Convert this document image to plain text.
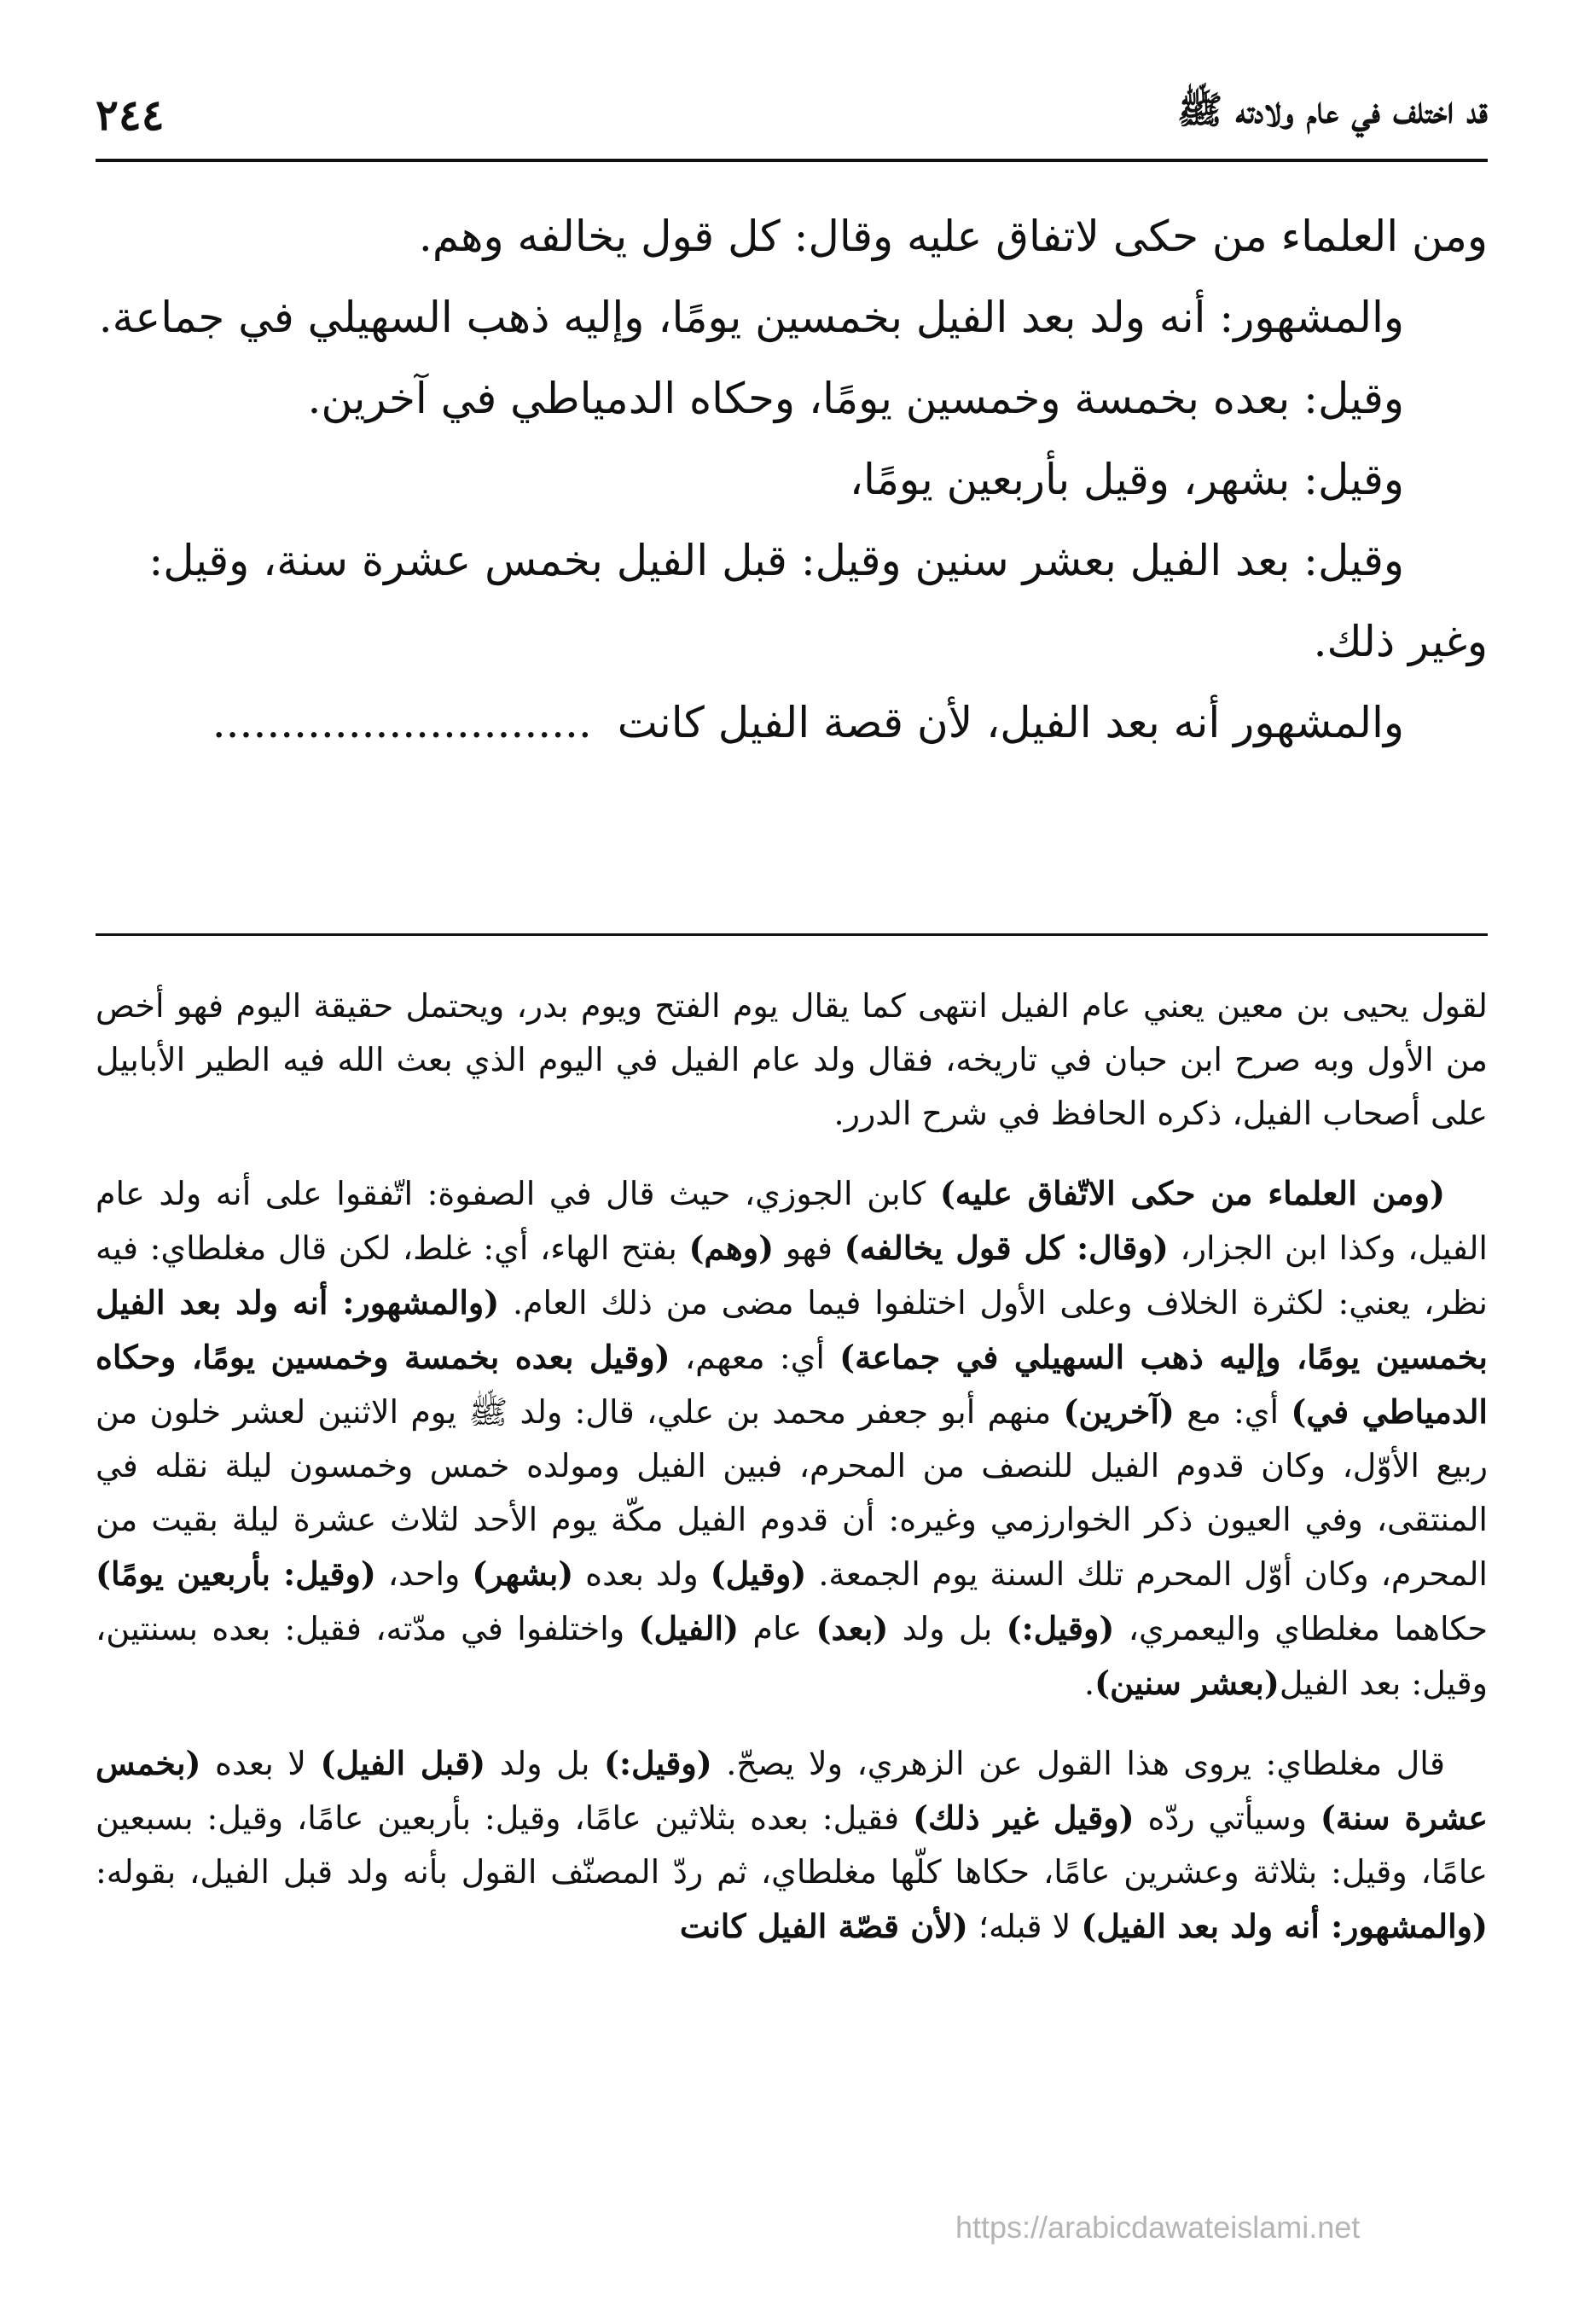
قد اختلف في عام ولادته ﷺ
٢٤٤

ومن العلماء من حكى لاتفاق عليه وقال: كل قول يخالفه وهم.

والمشهور: أنه ولد بعد الفيل بخمسين يومًا، وإليه ذهب السهيلي في جماعة.

وقيل: بعده بخمسة وخمسين يومًا، وحكاه الدمياطي في آخرين.

وقيل: بشهر، وقيل بأربعين يومًا،

وقيل: بعد الفيل بعشر سنين وقيل: قبل الفيل بخمس عشرة سنة، وقيل:

وغير ذلك.

والمشهور أنه بعد الفيل، لأن قصة الفيل كانت............................

لقول يحيى بن معين يعني عام الفيل انتهى كما يقال يوم الفتح ويوم بدر، ويحتمل حقيقة اليوم فهو أخص من الأول وبه صرح ابن حبان في تاريخه، فقال ولد عام الفيل في اليوم الذي بعث الله فيه الطير الأبابيل على أصحاب الفيل، ذكره الحافظ في شرح الدرر.

(ومن العلماء من حكى الاتّفاق عليه) كابن الجوزي، حيث قال في الصفوة: اتّفقوا على أنه ولد عام الفيل، وكذا ابن الجزار، (وقال: كل قول يخالفه) فهو (وهم) بفتح الهاء، أي: غلط، لكن قال مغلطاي: فيه نظر، يعني: لكثرة الخلاف وعلى الأول اختلفوا فيما مضى من ذلك العام. (والمشهور: أنه ولد بعد الفيل بخمسين يومًا، وإليه ذهب السهيلي في جماعة) أي: معهم، (وقيل بعده بخمسة وخمسين يومًا، وحكاه الدمياطي في) أي: مع (آخرين) منهم أبو جعفر محمد بن علي، قال: ولد ﷺ يوم الاثنين لعشر خلون من ربيع الأوّل، وكان قدوم الفيل للنصف من المحرم، فبين الفيل ومولده خمس وخمسون ليلة نقله في المنتقى، وفي العيون ذكر الخوارزمي وغيره: أن قدوم الفيل مكّة يوم الأحد لثلاث عشرة ليلة بقيت من المحرم، وكان أوّل المحرم تلك السنة يوم الجمعة. (وقيل) ولد بعده (بشهر) واحد، (وقيل: بأربعين يومًا) حكاهما مغلطاي واليعمري، (وقيل:) بل ولد (بعد) عام (الفيل) واختلفوا في مدّته، فقيل: بعده بسنتين، وقيل: بعد الفيل(بعشر سنين).

قال مغلطاي: يروى هذا القول عن الزهري، ولا يصحّ. (وقيل:) بل ولد (قبل الفيل) لا بعده (بخمس عشرة سنة) وسيأتي ردّه (وقيل غير ذلك) فقيل: بعده بثلاثين عامًا، وقيل: بأربعين عامًا، وقيل: بسبعين عامًا، وقيل: بثلاثة وعشرين عامًا، حكاها كلّها مغلطاي، ثم ردّ المصنّف القول بأنه ولد قبل الفيل، بقوله: (والمشهور: أنه ولد بعد الفيل) لا قبله؛ (لأن قصّة الفيل كانت

https://arabicdawateislami.net
